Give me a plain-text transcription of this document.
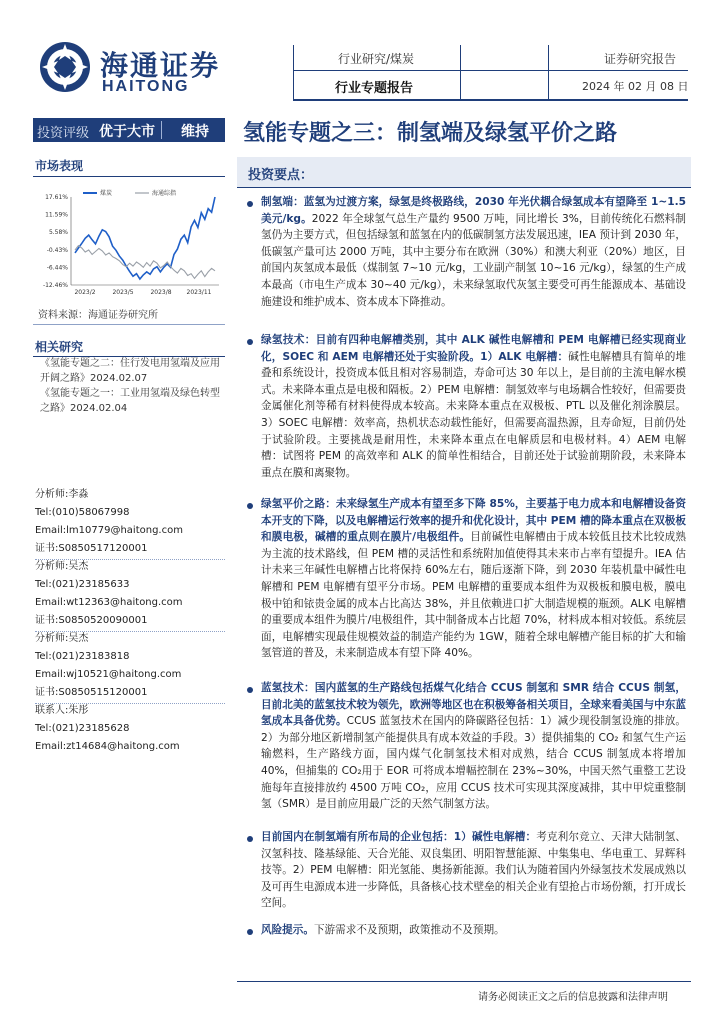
海通证券
HAITONG
行业研究/煤炭
行业专题报告
证券研究报告
2024 年 02 月 08 日
投资评级 优于大市 维持 氢能专题之三：制氢端及绿氢平价之路
市场表现
17.61%
11.59%
5.58%
-0.43%
-6.44%
-12.46%
2023/2	2023/5	2023/8 2023/11
煤炭	海通综指
资料来源：海通证券研究所
相关研究
《氢能专题之二：住行发电用氢端及应用开阔之路》2024.02.07
《氢能专题之一：工业用氢端及绿色转型之路》2024.02.04
分析师:李淼
Tel:(010)58067998
Email:lm10779@haitong.com
证书:S0850517120001
分析师:吴杰
Tel:(021)23185633
Email:wt12363@haitong.com
证书:S0850520090001
分析师:吴杰
Tel:(021)23183818
Email:wj10521@haitong.com
证书:S0850515120001
联系人:朱彤
Tel:(021)23185628
Email:zt14684@haitong.com
投资要点：
制氢端：蓝氢为过渡方案，绿氢是终极路线，2030 年光伏耦合绿氢成本有望降至 1~1.5 美元/kg。2022 年全球氢气总生产量约 9500 万吨，同比增长 3%，目前传统化石燃料制氢仍为主要方式，但包括绿氢和蓝氢在内的低碳制氢方法发展迅速，IEA 预计到 2030 年，低碳氢产量可达 2000 万吨，其中主要分布在欧洲（30%）和澳大利亚（20%）地区，目前国内灰氢成本最低（煤制氢 7~10 元/kg，工业副产制氢 10~16 元/kg），绿氢的生产成本最高（市电生产成本 30~40 元/kg），未来绿氢取代灰氢主要受可再生能源成本、基础设施建设和维护成本、资本成本下降推动。
绿氢技术：目前有四种电解槽类别，其中 ALK 碱性电解槽和 PEM 电解槽已经实现商业化，SOEC 和 AEM 电解槽还处于实验阶段。1）ALK 电解槽：碱性电解槽具有简单的堆叠和系统设计，投资成本低且相对容易制造，寿命可达 30 年以上，是目前的主流电解水模式。未来降本重点是电极和隔板。2）PEM 电解槽：制氢效率与电场耦合性较好，但需要贵金属催化剂等稀有材料使得成本较高。未来降本重点在双极板、PTL 以及催化剂涂膜层。3）SOEC 电解槽：效率高，热机状态动载性能好，但需要高温热源，且寿命短，目前仍处于试验阶段。主要挑战是耐用性，未来降本重点在电解质层和电极材料。4）AEM 电解槽：试图将 PEM 的高效率和 ALK 的简单性相结合，目前还处于试验前期阶段，未来降本重点在膜和离聚物。
绿氢平价之路：未来绿氢生产成本有望至多下降 85%，主要基于电力成本和电解槽设备资本开支的下降，以及电解槽运行效率的提升和优化设计，其中 PEM 槽的降本重点在双极板和膜电极，碱槽的重点则在膜片/电极组件。目前碱性电解槽由于成本较低且技术比较成熟为主流的技术路线，但 PEM 槽的灵活性和系统附加值使得其未来市占率有望提升。IEA 估计未来三年碱性电解槽占比将保持 60%左右，随后逐渐下降，到 2030 年装机量中碱性电解槽和 PEM 电解槽有望平分市场。PEM 电解槽的重要成本组件为双极板和膜电极，膜电极中铂和铱贵金属的成本占比高达 38%，并且依赖进口扩大制造规模的瓶颈。ALK 电解槽的重要成本组件为膜片/电极组件，其中制备成本占比超 70%，材料成本相对较低。系统层面，电解槽实现最佳规模效益的制造产能约为 1GW，随着全球电解槽产能目标的扩大和输氢管道的普及，未来制造成本有望下降 40%。
蓝氢技术：国内蓝氢的生产路线包括煤气化结合 CCUS 制氢和 SMR 结合 CCUS 制氢，目前北美的蓝氢技术较为领先，欧洲等地区也在积极筹备相关项目，全球来看美国与中东蓝氢成本具备优势。CCUS 蓝氢技术在国内的降碳路径包括：1）减少现役制氢设施的排放。2）为部分地区新增制氢产能提供具有成本效益的手段。3）提供捕集的 CO₂ 和氢气生产运输燃料，生产路线方面，国内煤气化制氢技术相对成熟，结合 CCUS 制氢成本将增加 40%，但捕集的 CO₂用于 EOR 可将成本增幅控制在 23%~30%，中国天然气重整工艺设施每年直接排放约 4500 万吨 CO₂，应用 CCUS 技术可实现其深度减排，其中甲烷重整制氢（SMR）是目前应用最广泛的天然气制氢方法。
目前国内在制氢端有所布局的企业包括：1）碱性电解槽：考克利尔竞立、天津大陆制氢、汉氢科技、隆基绿能、天合光能、双良集团、明阳智慧能源、中集集电、华电重工、昇辉科技等。2）PEM 电解槽：阳光氢能、奥扬新能源。我们认为随着国内外绿氢技术发展成熟以及可再生电源成本进一步降低，具备核心技术壁垒的相关企业有望抢占市场份额，打开成长空间。
风险提示。下游需求不及预期，政策推动不及预期。
请务必阅读正文之后的信息披露和法律声明
